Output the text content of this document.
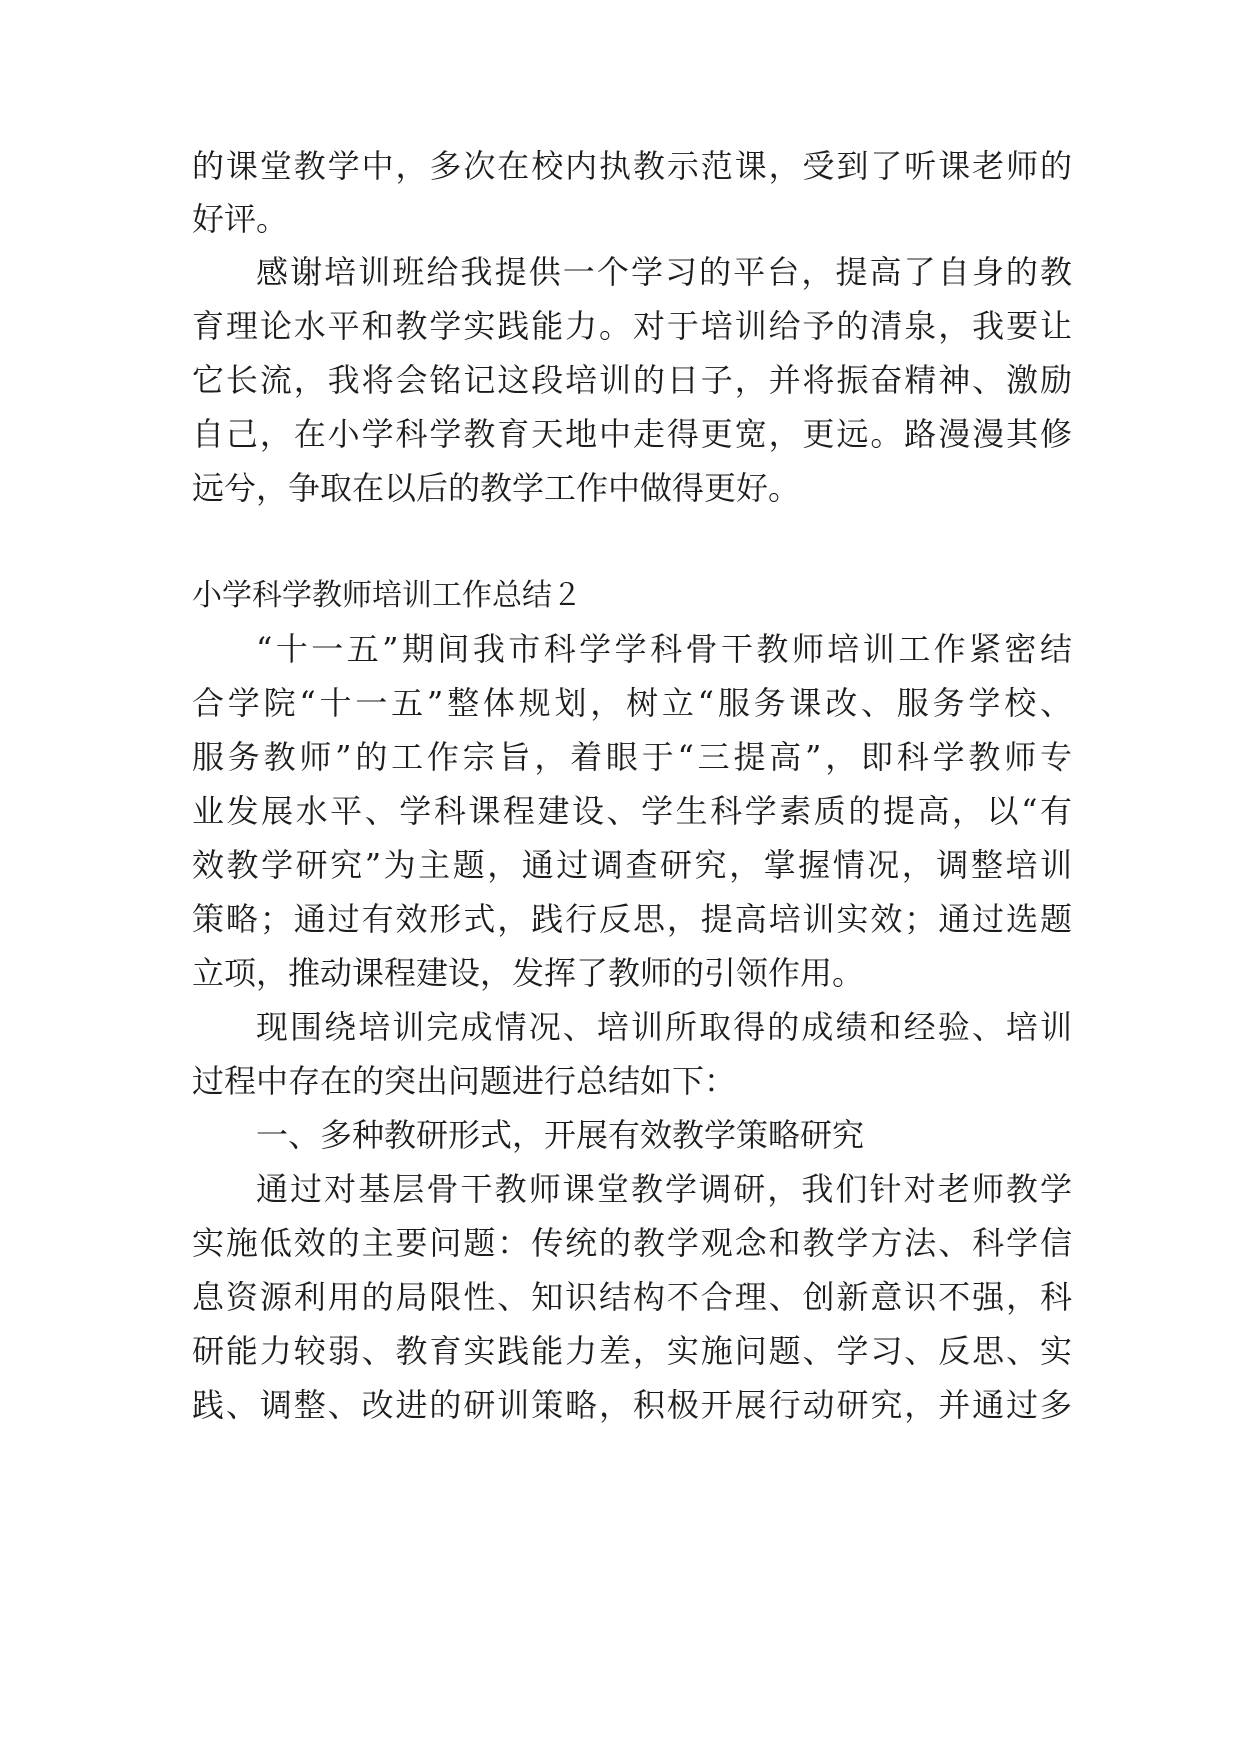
的课堂教学中，多次在校内执教示范课，受到了听课老师的
好评。
感谢培训班给我提供一个学习的平台，提高了自身的教
育理论水平和教学实践能力。对于培训给予的清泉，我要让
它长流，我将会铭记这段培训的日子，并将振奋精神、激励
自己，在小学科学教育天地中走得更宽，更远。路漫漫其修
远兮，争取在以后的教学工作中做得更好。
小学科学教师培训工作总结２
“十一五”期间我市科学学科骨干教师培训工作紧密结
合学院“十一五”整体规划，树立“服务课改、服务学校、
服务教师”的工作宗旨，着眼于“三提高”，即科学教师专
业发展水平、学科课程建设、学生科学素质的提高，以“有
效教学研究”为主题，通过调查研究，掌握情况，调整培训
策略；通过有效形式，践行反思，提高培训实效；通过选题
立项，推动课程建设，发挥了教师的引领作用。
现围绕培训完成情况、培训所取得的成绩和经验、培训
过程中存在的突出问题进行总结如下：
一、多种教研形式，开展有效教学策略研究
通过对基层骨干教师课堂教学调研，我们针对老师教学
实施低效的主要问题：传统的教学观念和教学方法、科学信
息资源利用的局限性、知识结构不合理、创新意识不强，科
研能力较弱、教育实践能力差，实施问题、学习、反思、实
践、调整、改进的研训策略，积极开展行动研究，并通过多
